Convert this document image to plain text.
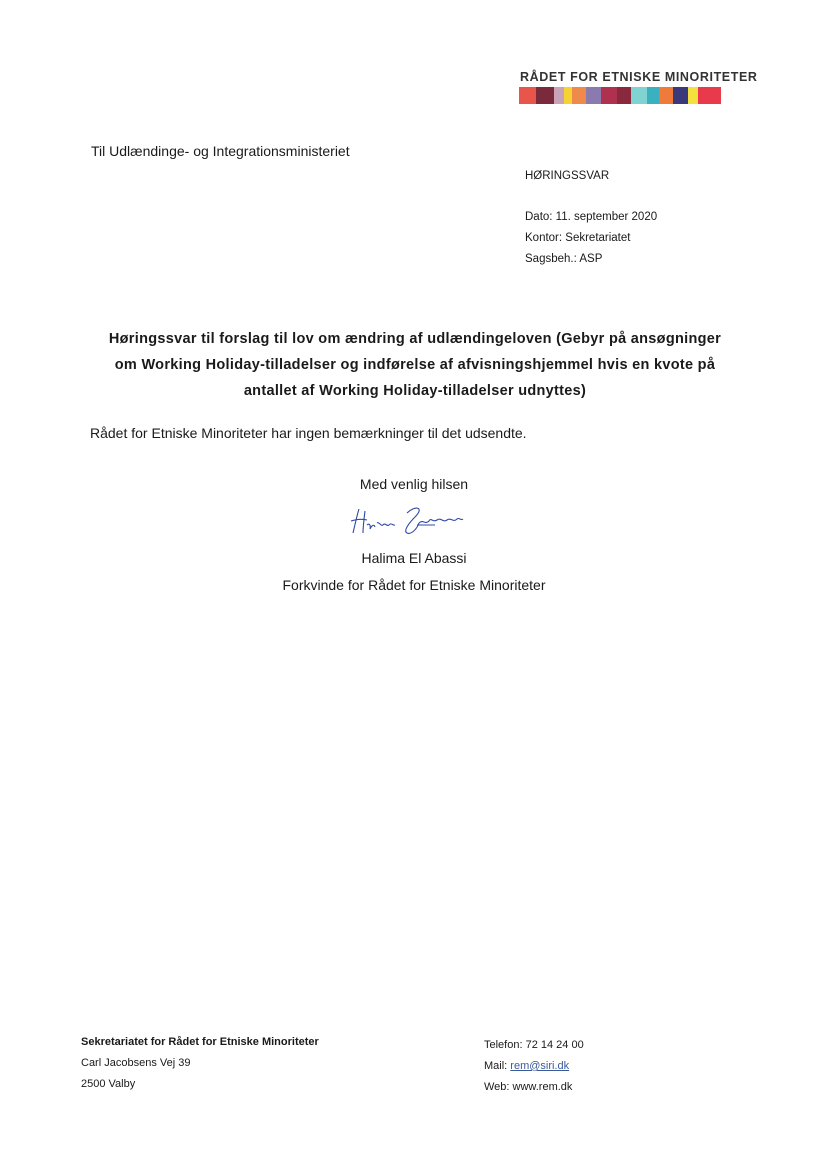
RÅDET FOR ETNISKE MINORITETER
Til Udlændinge- og Integrationsministeriet
HØRINGSSVAR
Dato: 11. september 2020
Kontor: Sekretariatet
Sagsbeh.: ASP
Høringssvar til forslag til lov om ændring af udlændingeloven (Gebyr på ansøgninger
om Working Holiday-tilladelser og indførelse af afvisningshjemmel hvis en kvote på
antallet af Working Holiday-tilladelser udnyttes)
Rådet for Etniske Minoriteter har ingen bemærkninger til det udsendte.
Med venlig hilsen
Halima El Abassi
Forkvinde for Rådet for Etniske Minoriteter
Sekretariatet for Rådet for Etniske Minoriteter
Carl Jacobsens Vej 39
2500 Valby
Telefon: 72 14 24 00
Mail: rem@siri.dk
Web: www.rem.dk
